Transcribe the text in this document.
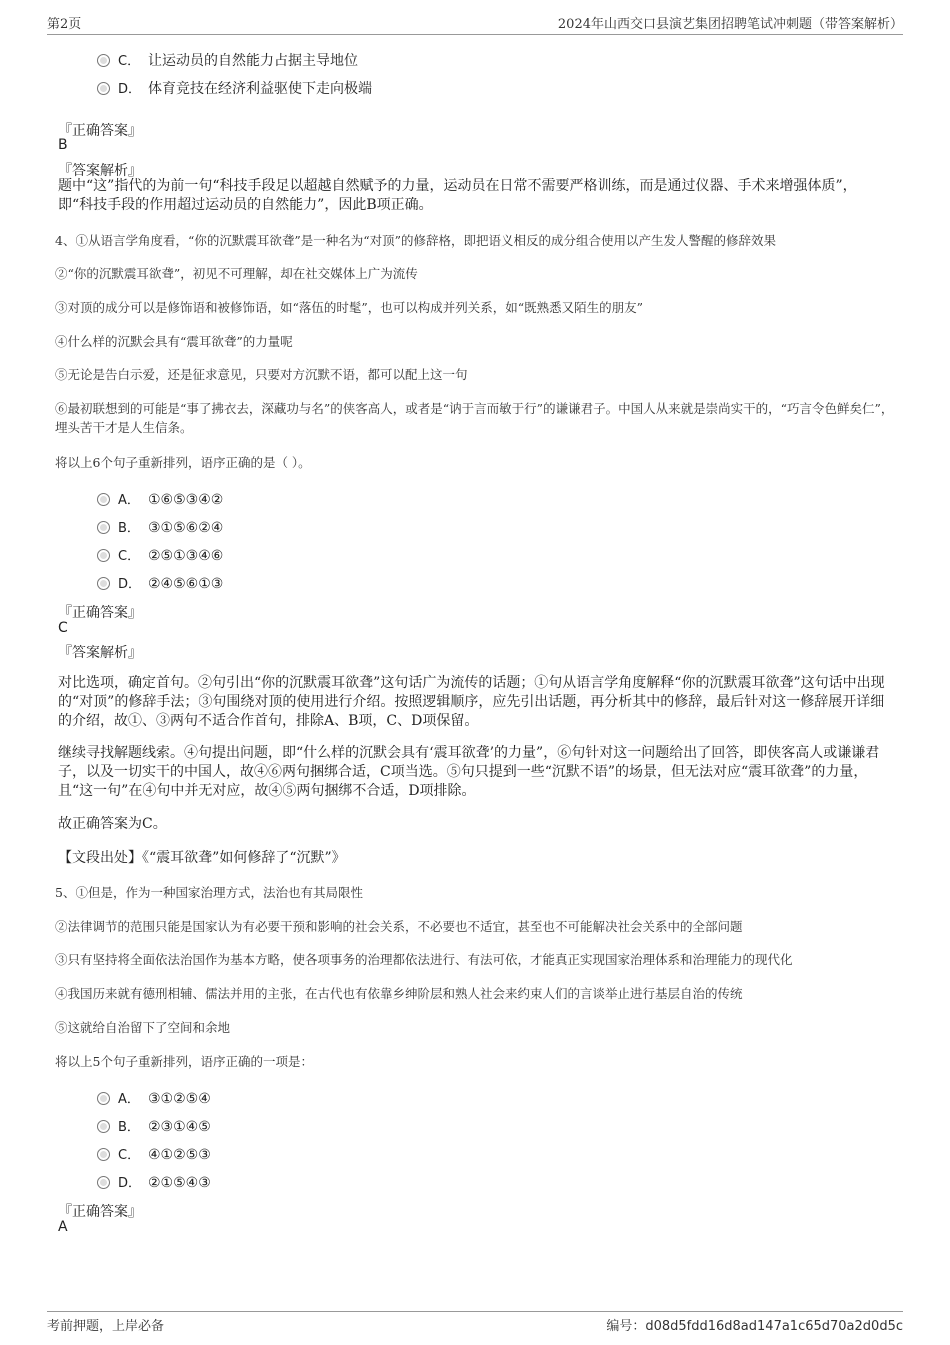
第2页	2024年山西交口县演艺集团招聘笔试冲刺题（带答案解析）
C． 让运动员的自然能力占据主导地位
D． 体育竞技在经济利益驱使下走向极端
『正确答案』
B
『答案解析』
题中“这”指代的为前一句“科技手段足以超越自然赋予的力量，运动员在日常不需要严格训练，而是通过仪器、手术来增强体质”，即“科技手段的作用超过运动员的自然能力”，因此B项正确。
4、①从语言学角度看，“你的沉默震耳欲聋”是一种名为“对顶”的修辞格，即把语义相反的成分组合使用以产生发人警醒的修辞效果
②“你的沉默震耳欲聋”，初见不可理解，却在社交媒体上广为流传
③对顶的成分可以是修饰语和被修饰语，如“落伍的时髦”，也可以构成并列关系，如“既熟悉又陌生的朋友”
④什么样的沉默会具有“震耳欲聋”的力量呢
⑤无论是告白示爱，还是征求意见，只要对方沉默不语，都可以配上这一句
⑥最初联想到的可能是“事了拂衣去，深藏功与名”的侠客高人，或者是“讷于言而敏于行”的谦谦君子。中国人从来就是崇尚实干的，“巧言令色鲜矣仁”，埋头苦干才是人生信条。
将以上6个句子重新排列，语序正确的是（ ）。
A． ①⑥⑤③④②
B． ③①⑤⑥②④
C． ②⑤①③④⑥
D． ②④⑤⑥①③
『正确答案』
C
『答案解析』
对比选项，确定首句。②句引出“你的沉默震耳欲聋”这句话广为流传的话题；①句从语言学角度解释“你的沉默震耳欲聋”这句话中出现的“对顶”的修辞手法；③句围绕对顶的使用进行介绍。按照逻辑顺序，应先引出话题，再分析其中的修辞，最后针对这一修辞展开详细的介绍，故①、③两句不适合作首句，排除A、B项，C、D项保留。
继续寻找解题线索。④句提出问题，即“什么样的沉默会具有‘震耳欲聋’的力量”，⑥句针对这一问题给出了回答，即侠客高人或谦谦君子，以及一切实干的中国人，故④⑥两句捆绑合适，C项当选。⑤句只提到一些“沉默不语”的场景，但无法对应“震耳欲聋”的力量，且“这一句”在④句中并无对应，故④⑤两句捆绑不合适，D项排除。
故正确答案为C。
【文段出处】《“震耳欲聋”如何修辞了“沉默”》
5、①但是，作为一种国家治理方式，法治也有其局限性
②法律调节的范围只能是国家认为有必要干预和影响的社会关系，不必要也不适宜，甚至也不可能解决社会关系中的全部问题
③只有坚持将全面依法治国作为基本方略，使各项事务的治理都依法进行、有法可依，才能真正实现国家治理体系和治理能力的现代化
④我国历来就有德刑相辅、儒法并用的主张，在古代也有依靠乡绅阶层和熟人社会来约束人们的言谈举止进行基层自治的传统
⑤这就给自治留下了空间和余地
将以上5个句子重新排列，语序正确的一项是：
A． ③①②⑤④
B． ②③①④⑤
C． ④①②⑤③
D． ②①⑤④③
『正确答案』
A
考前押题，上岸必备	编号：d08d5fdd16d8ad147a1c65d70a2d0d5c
